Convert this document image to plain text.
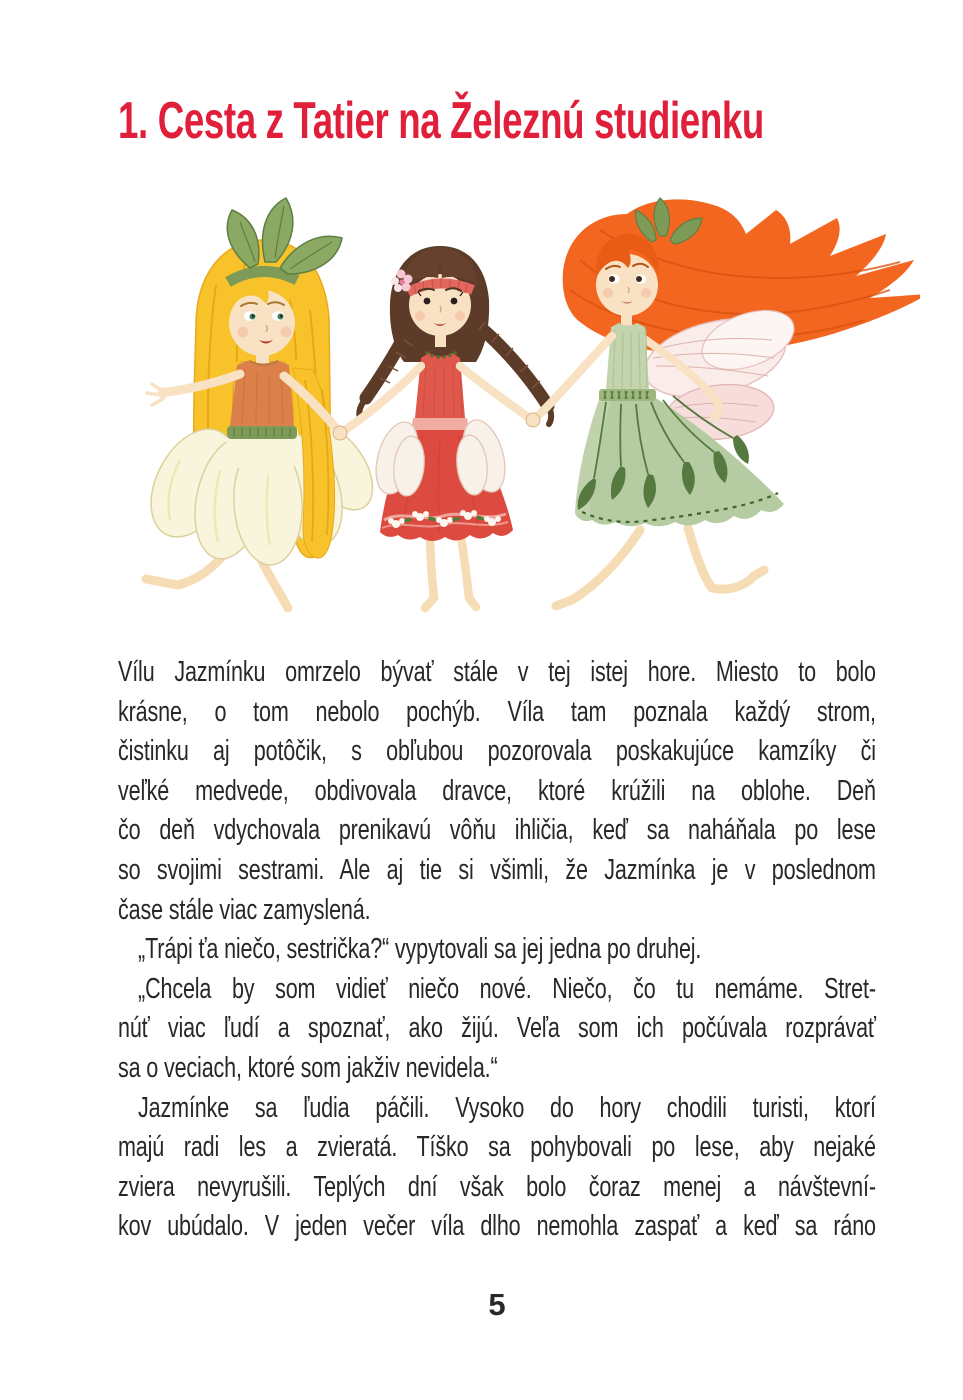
1. Cesta z Tatier na Železnú studienku
Vílu Jazmínku omrzelo bývať stále v tej istej hore. Miesto to bolo
krásne, o tom nebolo pochýb. Víla tam poznala každý strom,
čistinku aj potôčik, s obľubou pozorovala poskakujúce kamzíky či
veľké medvede, obdivovala dravce, ktoré krúžili na oblohe. Deň
čo deň vdychovala prenikavú vôňu ihličia, keď sa naháňala po lese
so svojimi sestrami. Ale aj tie si všimli, že Jazmínka je v poslednom
čase stále viac zamyslená.
„Trápi ťa niečo, sestrička?“ vypytovali sa jej jedna po druhej.
„Chcela by som vidieť niečo nové. Niečo, čo tu nemáme. Stret-
núť viac ľudí a spoznať, ako žijú. Veľa som ich počúvala rozprávať
sa o veciach, ktoré som jakživ nevidela.“
Jazmínke sa ľudia páčili. Vysoko do hory chodili turisti, ktorí
majú radi les a zvieratá. Tíško sa pohybovali po lese, aby nejaké
zviera nevyrušili. Teplých dní však bolo čoraz menej a návštevní-
kov ubúdalo. V jeden večer víla dlho nemohla zaspať a keď sa ráno
5
